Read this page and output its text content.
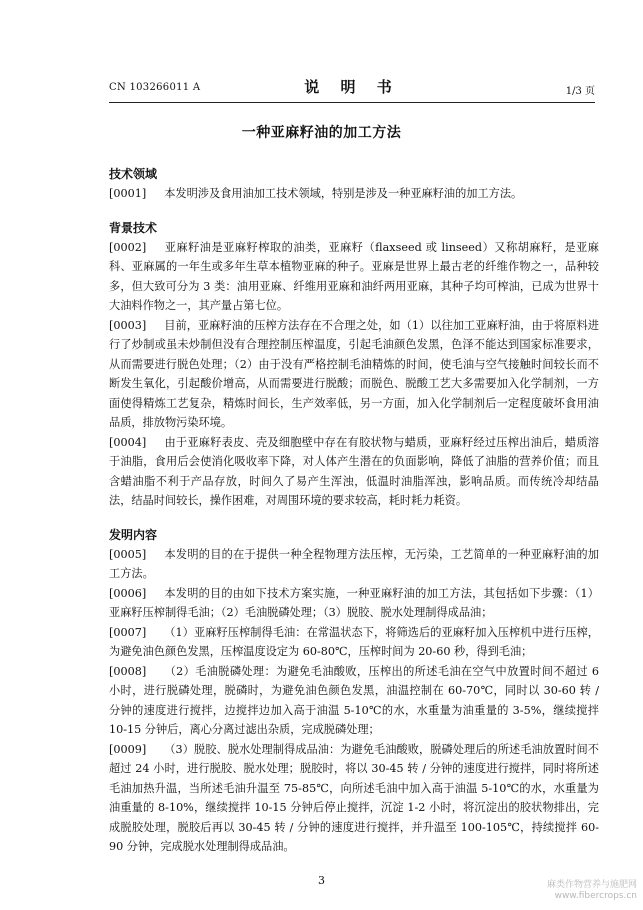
CN 103266011 A	说 明 书	1/3 页
一种亚麻籽油的加工方法
技术领域

[0001] 本发明涉及食用油加工技术领域，特别是涉及一种亚麻籽油的加工方法。

背景技术

[0002] 亚麻籽油是亚麻籽榨取的油类，亚麻籽（flaxseed 或 linseed）又称胡麻籽，是亚麻科、亚麻属的一年生或多年生草本植物亚麻的种子。亚麻是世界上最古老的纤维作物之一，品种较多，但大致可分为 3 类：油用亚麻、纤维用亚麻和油纤两用亚麻，其种子均可榨油，已成为世界十大油料作物之一，其产量占第七位。

[0003] 目前，亚麻籽油的压榨方法存在不合理之处，如（1）以往加工亚麻籽油，由于将原料进行了炒制或虽未炒制但没有合理控制压榨温度，引起毛油颜色发黑，色泽不能达到国家标准要求，从而需要进行脱色处理；（2）由于没有严格控制毛油精炼的时间，使毛油与空气接触时间较长而不断发生氧化，引起酸价增高，从而需要进行脱酸；而脱色、脱酸工艺大多需要加入化学制剂，一方面使得精炼工艺复杂，精炼时间长，生产效率低，另一方面，加入化学制剂后一定程度破坏食用油品质，排放物污染环境。

[0004] 由于亚麻籽表皮、壳及细胞壁中存在有胶状物与蜡质，亚麻籽经过压榨出油后，蜡质溶于油脂，食用后会使消化吸收率下降，对人体产生潜在的负面影响，降低了油脂的营养价值；而且含蜡油脂不利于产品存放，时间久了易产生浑浊，低温时油脂浑浊，影响品质。而传统冷却结晶法，结晶时间较长，操作困难，对周围环境的要求较高，耗时耗力耗资。

发明内容

[0005] 本发明的目的在于提供一种全程物理方法压榨，无污染，工艺简单的一种亚麻籽油的加工方法。

[0006] 本发明的目的由如下技术方案实施，一种亚麻籽油的加工方法，其包括如下步骤：（1）亚麻籽压榨制得毛油；（2）毛油脱磷处理；（3）脱胶、脱水处理制得成品油；

[0007] （1）亚麻籽压榨制得毛油：在常温状态下，将筛选后的亚麻籽加入压榨机中进行压榨，为避免油色颜色发黑，压榨温度设定为 60-80℃，压榨时间为 20-60 秒，得到毛油；

[0008] （2）毛油脱磷处理：为避免毛油酸败，压榨出的所述毛油在空气中放置时间不超过 6 小时，进行脱磷处理，脱磷时，为避免油色颜色发黑，油温控制在 60-70℃，同时以 30-60 转 / 分钟的速度进行搅拌，边搅拌边加入高于油温 5-10℃的水，水重量为油重量的 3-5%，继续搅拌 10-15 分钟后，离心分离过滤出杂质，完成脱磷处理；

[0009] （3）脱胶、脱水处理制得成品油：为避免毛油酸败，脱磷处理后的所述毛油放置时间不超过 24 小时，进行脱胶、脱水处理；脱胶时，将以 30-45 转 / 分钟的速度进行搅拌，同时将所述毛油加热升温，当所述毛油升温至 75-85℃，向所述毛油中加入高于油温 5-10℃的水，水重量为油重量的 8-10%，继续搅拌 10-15 分钟后停止搅拌，沉淀 1-2 小时，将沉淀出的胶状物排出，完成脱胶处理，脱胶后再以 30-45 转 / 分钟的速度进行搅拌，并升温至 100-105℃，持续搅拌 60-90 分钟，完成脱水处理制得成品油。

3	麻类作物营养与施肥网
www.fibercrops.cn
